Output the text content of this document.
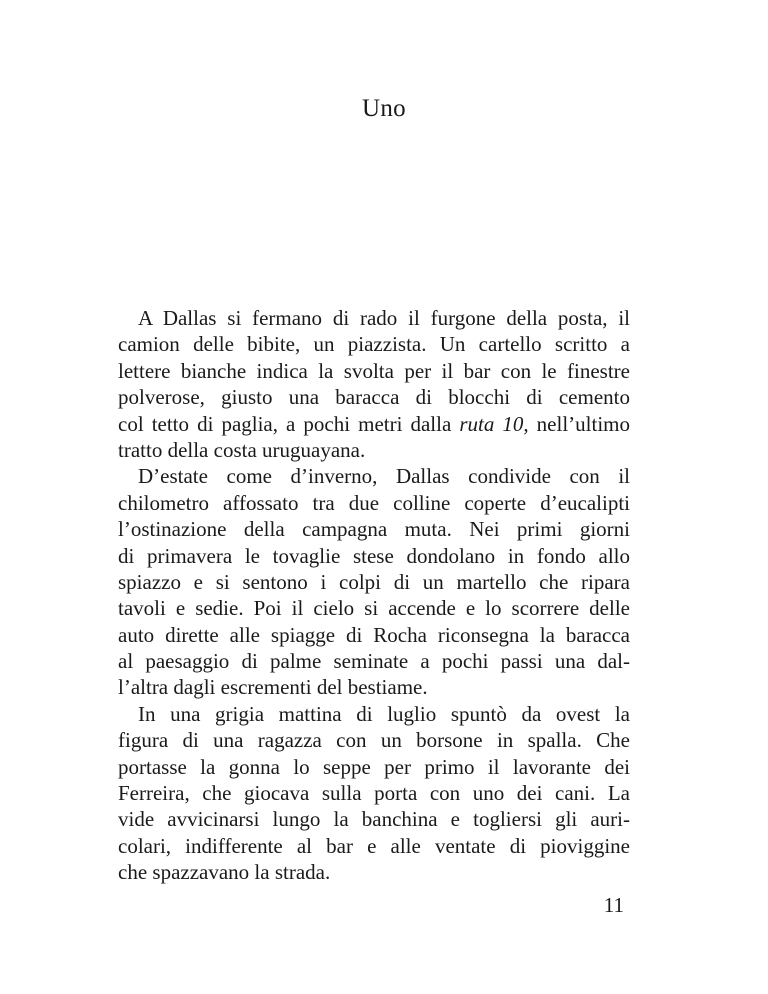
Uno
A Dallas si fermano di rado il furgone della posta, il
camion delle bibite, un piazzista. Un cartello scritto a
lettere bianche indica la svolta per il bar con le finestre
polverose, giusto una baracca di blocchi di cemento
col tetto di paglia, a pochi metri dalla ruta 10, nell’ultimo
tratto della costa uruguayana.
D’estate come d’inverno, Dallas condivide con il
chilometro affossato tra due colline coperte d’eucalipti
l’ostinazione della campagna muta. Nei primi giorni
di primavera le tovaglie stese dondolano in fondo allo
spiazzo e si sentono i colpi di un martello che ripara
tavoli e sedie. Poi il cielo si accende e lo scorrere delle
auto dirette alle spiagge di Rocha riconsegna la baracca
al paesaggio di palme seminate a pochi passi una dal-
l’altra dagli escrementi del bestiame.
In una grigia mattina di luglio spuntò da ovest la
figura di una ragazza con un borsone in spalla. Che
portasse la gonna lo seppe per primo il lavorante dei
Ferreira, che giocava sulla porta con uno dei cani. La
vide avvicinarsi lungo la banchina e togliersi gli auri-
colari, indifferente al bar e alle ventate di pioviggine
che spazzavano la strada.
11
